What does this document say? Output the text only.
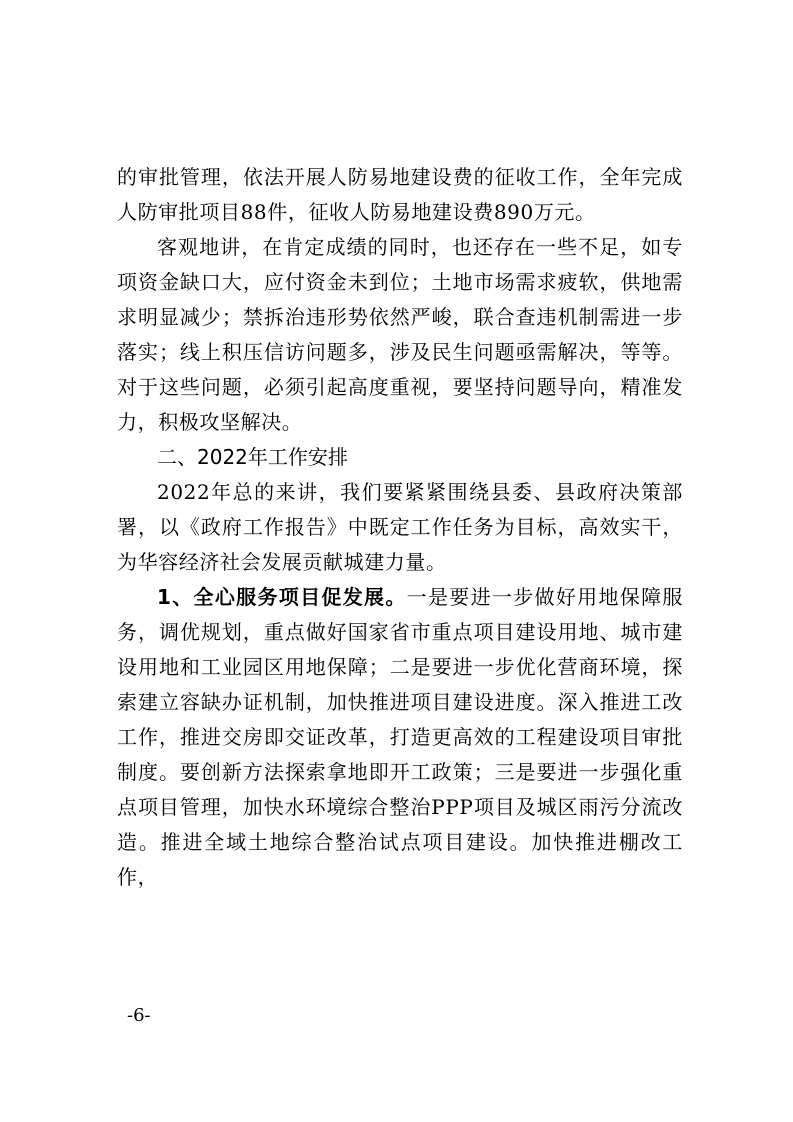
的审批管理，依法开展人防易地建设费的征收工作，全年完成人防审批项目88件，征收人防易地建设费890万元。

客观地讲，在肯定成绩的同时，也还存在一些不足，如专项资金缺口大，应付资金未到位；土地市场需求疲软，供地需求明显减少；禁拆治违形势依然严峻，联合查违机制需进一步落实；线上积压信访问题多，涉及民生问题亟需解决，等等。对于这些问题，必须引起高度重视，要坚持问题导向，精准发力，积极攻坚解决。

二、2022年工作安排

2022年总的来讲，我们要紧紧围绕县委、县政府决策部署，以《政府工作报告》中既定工作任务为目标，高效实干，为华容经济社会发展贡献城建力量。

1、全心服务项目促发展。一是要进一步做好用地保障服务，调优规划，重点做好国家省市重点项目建设用地、城市建设用地和工业园区用地保障；二是要进一步优化营商环境，探索建立容缺办证机制，加快推进项目建设进度。深入推进工改工作，推进交房即交证改革，打造更高效的工程建设项目审批制度。要创新方法探索拿地即开工政策；三是要进一步强化重点项目管理，加快水环境综合整治PPP项目及城区雨污分流改造。推进全域土地综合整治试点项目建设。加快推进棚改工作，

-6-
